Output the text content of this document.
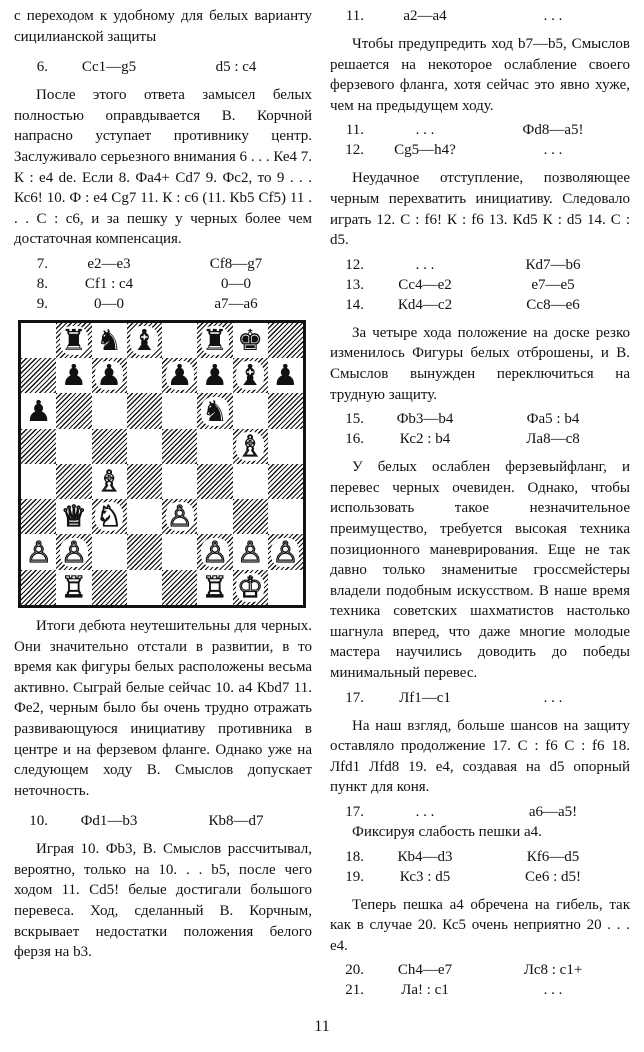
с переходом к удобному для белых варианту сицилианской защиты

6.	Сс1—g5	d5 : c4

После этого ответа замысел белых полностью оправдывается В. Корчной напрасно уступает противнику центр. Заслуживало серьезного внимания 6 . . . Ке4 7. К : е4 de. Если 8. Фа4+ Cd7 9. Фс2, то 9 . . . Кс6! 10. Ф : е4 Cg7 11. К : с6 (11. Кb5 Cf5) 11 . . . С : с6, и за пешку у черных более чем достаточная компенсация.

7.	е2—е3	Cf8—g7
8.	Cf1 : c4	0—0
9.	0—0	а7—а6
♜ ♞ ♝ ♜ ♚
♟ ♟ ♟ ♟ ♝ ♟
♟	♞
♗
♗
♕ ♘ ♙
♙ ♙	♙ ♙ ♙
♖	♖ ♔

Итоги дебюта неутешительны для черных. Они значительно отстали в развитии, в то время как фигуры белых расположены весьма активно. Сыграй белые сейчас 10. а4 Кbd7 11. Фе2, черным было бы очень трудно отражать развивающуюся инициативу противника в центре и на ферзевом фланге. Однако уже на следующем ходу В. Смыслов допускает неточность.

10.	Фd1—b3	Кb8—d7

Играя 10. Фb3, В. Смыслов рассчитывал, вероятно, только на 10. . . b5, после чего ходом 11. Cd5! белые достигали большого перевеса. Ход, сделанный В. Корчным, вскрывает недостатки положения белого ферзя на b3.

11.	а2—а4	. . .

Чтобы предупредить ход b7—b5, Смыслов решается на некоторое ослабление своего ферзевого фланга, хотя сейчас это явно хуже, чем на предыдущем ходу.

11.	. . .	Фd8—а5!
12.	Cg5—h4?	. . .

Неудачное отступление, позволяющее черным перехватить инициативу. Следовало играть 12. С : f6! К : f6 13. Кd5 К : d5 14. С : d5.

12.	. . .	Кd7—b6
13.	Сс4—е2	е7—е5
14.	Кd4—с2	Сс8—е6

За четыре хода положение на доске резко изменилось Фигуры белых отброшены, и В. Смыслов вынужден переключиться на трудную защиту.

15.	Фb3—b4	Фа5 : b4
16.	Кс2 : b4	Ла8—с8

У белых ослаблен ферзевыйфланг, и перевес черных очевиден. Однако, чтобы использовать такое незначительное преимущество, требуется высокая техника позиционного маневрирования. Еще не так давно только знаменитые гроссмейстеры владели подобным искусством. В наше время техника советских шахматистов настолько шагнула вперед, что даже многие молодые мастера научились доводить до победы минимальный перевес.

17.	Лf1—с1	. . .

На наш взгляд, больше шансов на защиту оставляло продолжение 17. С : f6 С : f6 18. Лfd1 Лfd8 19. е4, создавая на d5 опорный пункт для коня.

17.	. . .	а6—а5!

Фиксируя слабость пешки а4.

18.	Кb4—d3	Кf6—d5
19.	Кс3 : d5	Се6 : d5!

Теперь пешка а4 обречена на гибель, так как в случае 20. Кс5 очень неприятно 20 . . . е4.

20.	Сh4—е7	Лс8 : c1+
21.	Ла! : с1	. . .
11
